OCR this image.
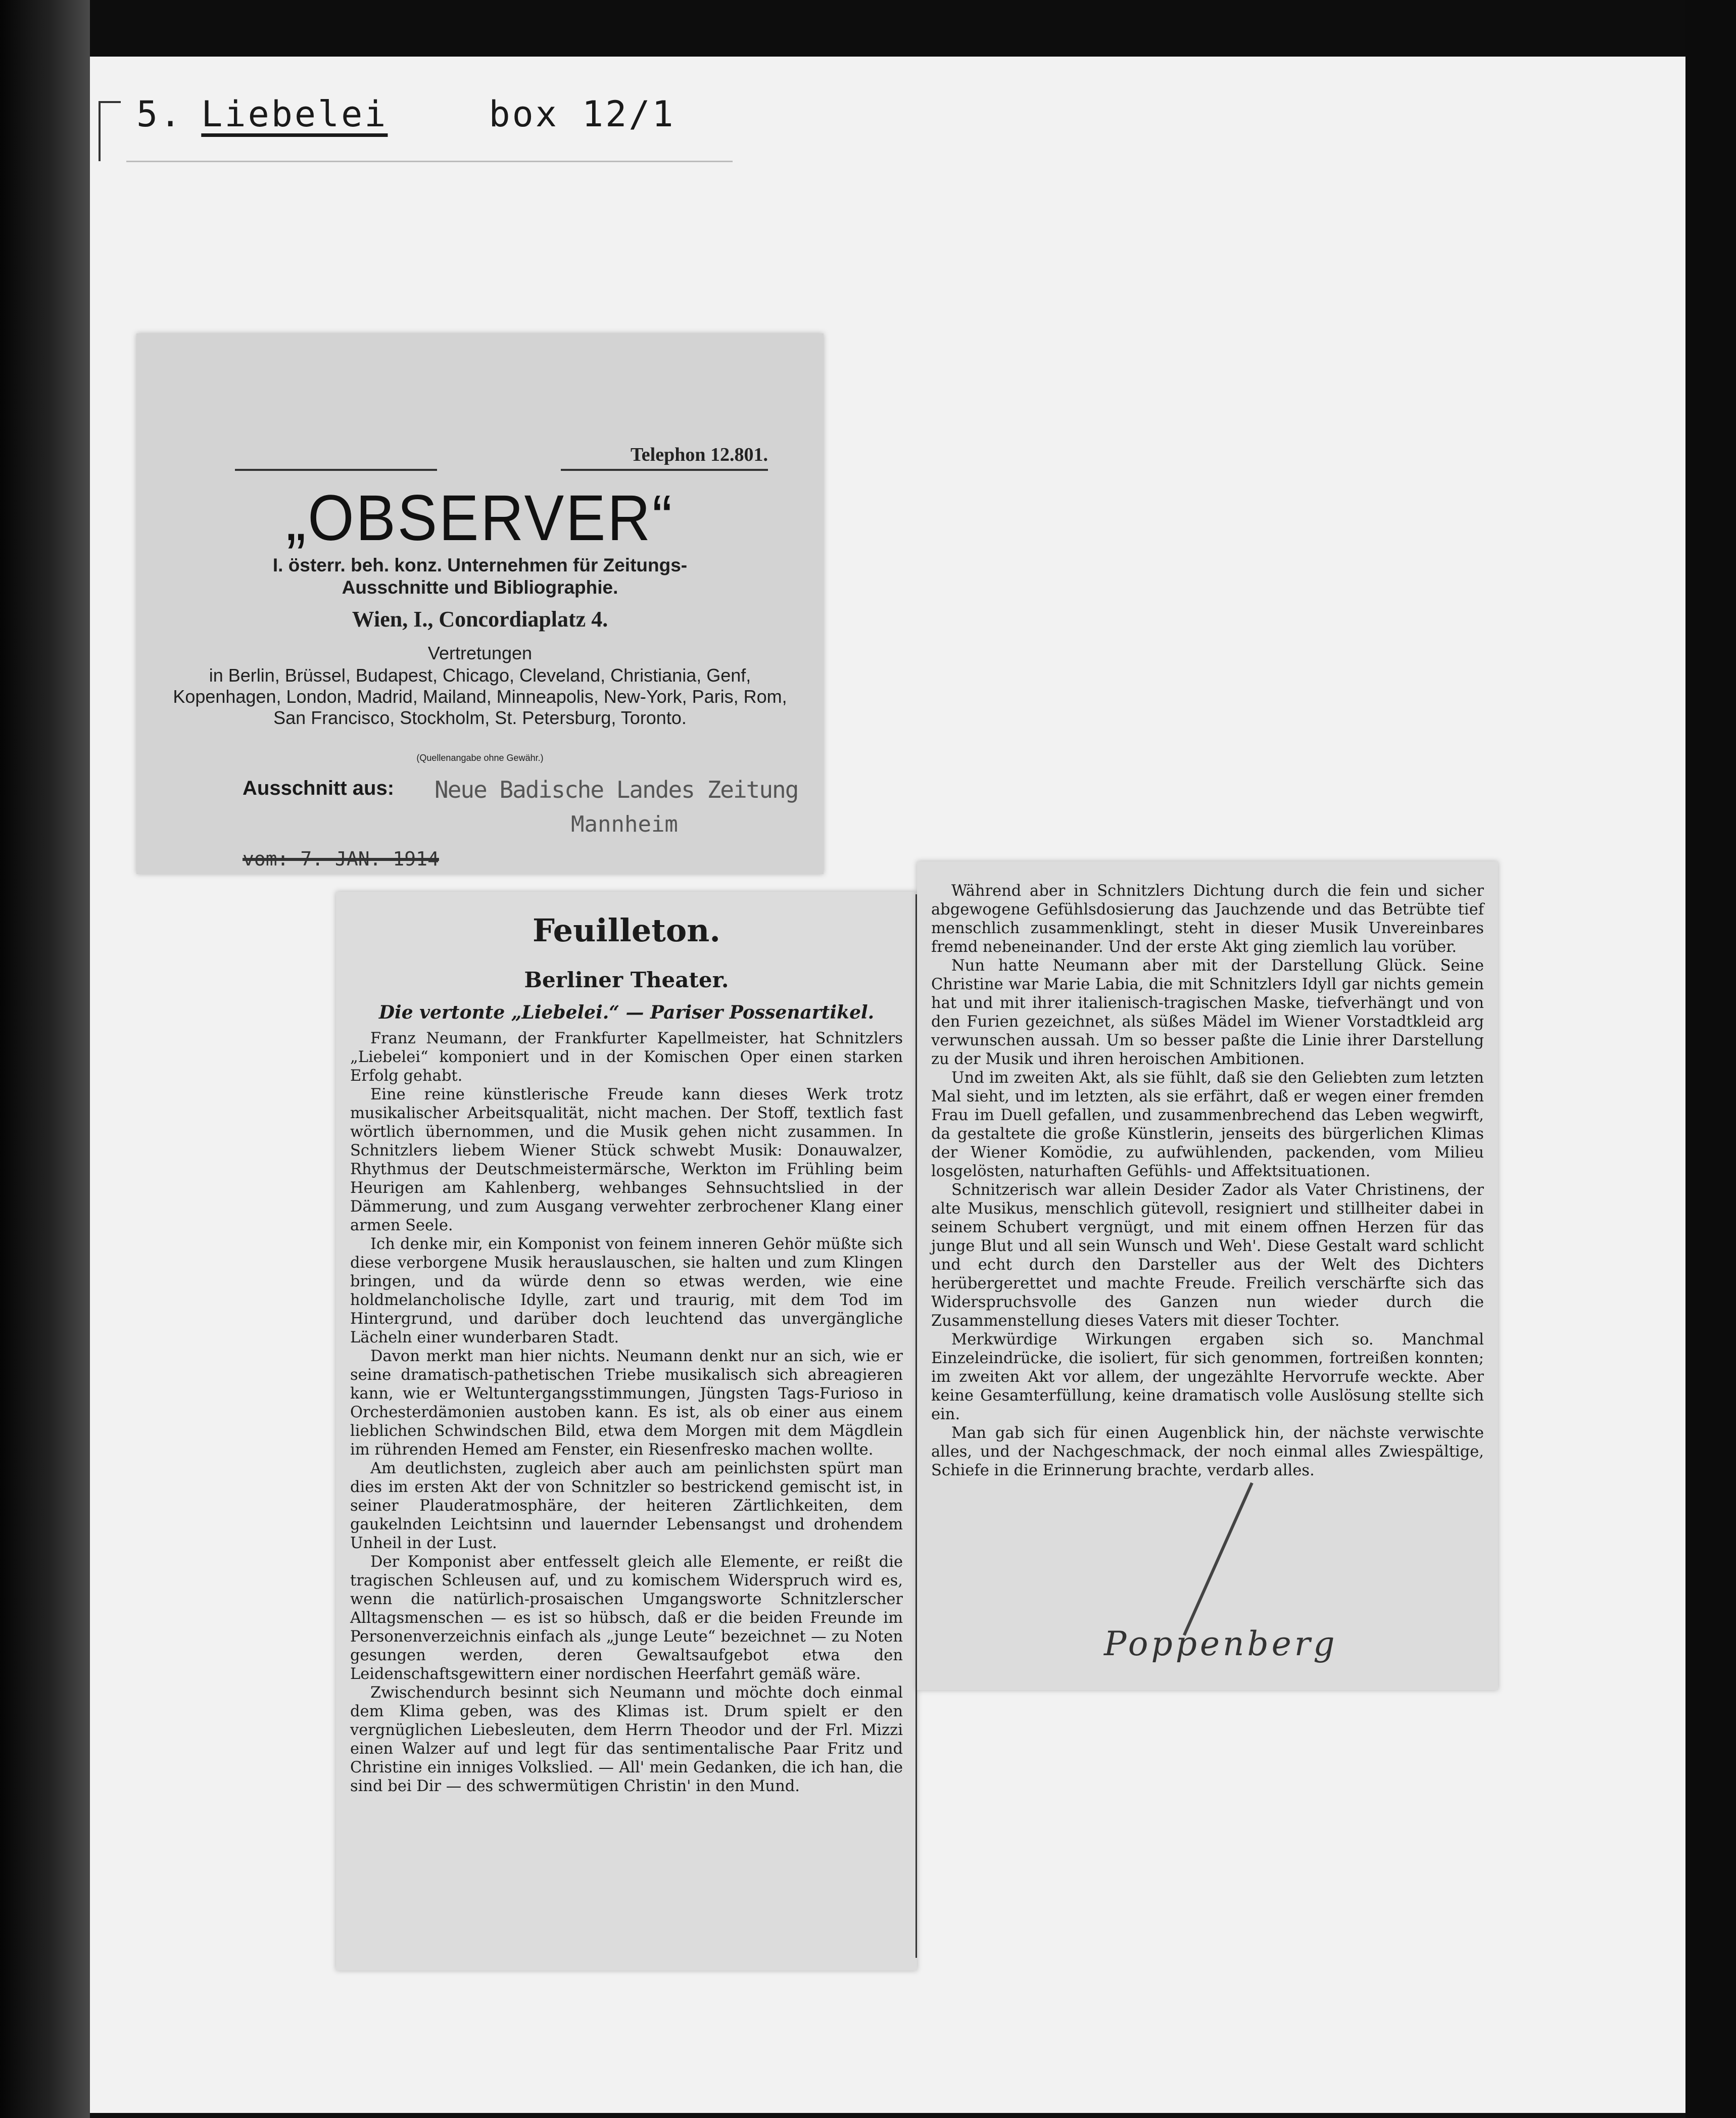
5. Liebelei	box 12/1
Telephon 12.801.
„OBSERVER“
I. österr. beh. konz. Unternehmen für Zeitungs-
Ausschnitte und Bibliographie.
Wien, I., Concordiaplatz 4.
Vertretungen
in Berlin, Brüssel, Budapest, Chicago, Cleveland, Christiania, Genf, Kopenhagen, London, Madrid, Mailand, Minneapolis, New-York, Paris, Rom, San Francisco, Stockholm, St. Petersburg, Toronto.
(Quellenangabe ohne Gewähr.)
Ausschnitt aus: Neue Badische Landes Zeitung
Mannheim
vom: 7. JAN. 1914
Feuilleton.
Berliner Theater.
Die vertonte „Liebelei.“ — Pariser Possenartikel.

Franz Neumann, der Frankfurter Kapellmeister, hat Schnitzlers „Liebelei“ komponiert und in der Komischen Oper einen starken Erfolg gehabt.

Eine reine künstlerische Freude kann dieses Werk trotz musikalischer Arbeitsqualität, nicht machen. Der Stoff, textlich fast wörtlich übernommen, und die Musik gehen nicht zusammen. In Schnitzlers liebem Wiener Stück schwebt Musik: Donauwalzer, Rhythmus der Deutschmeistermärsche, Werkton im Frühling beim Heurigen am Kahlenberg, wehbanges Sehnsuchtslied in der Dämmerung, und zum Ausgang verwehter zerbrochener Klang einer armen Seele.

Ich denke mir, ein Komponist von feinem inneren Gehör müßte sich diese verborgene Musik herauslauschen, sie halten und zum Klingen bringen, und da würde denn so etwas werden, wie eine holdmelancholische Idylle, zart und traurig, mit dem Tod im Hintergrund, und darüber doch leuchtend das unvergängliche Lächeln einer wunderbaren Stadt.

Davon merkt man hier nichts. Neumann denkt nur an sich, wie er seine dramatisch-pathetischen Triebe musikalisch sich abreagieren kann, wie er Weltuntergangsstimmungen, Jüngsten Tags-Furioso in Orchesterdämonien austoben kann. Es ist, als ob einer aus einem lieblichen Schwindschen Bild, etwa dem Morgen mit dem Mägdlein im rührenden Hemed am Fenster, ein Riesenfresko machen wollte.

Am deutlichsten, zugleich aber auch am peinlichsten spürt man dies im ersten Akt der von Schnitzler so bestrickend gemischt ist, in seiner Plauderatmosphäre, der heiteren Zärtlichkeiten, dem gaukelnden Leichtsinn und lauernder Lebensangst und drohendem Unheil in der Lust.

Der Komponist aber entfesselt gleich alle Elemente, er reißt die tragischen Schleusen auf, und zu komischem Widerspruch wird es, wenn die natürlich-prosaischen Umgangsworte Schnitzlerscher Alltagsmenschen — es ist so hübsch, daß er die beiden Freunde im Personenverzeichnis einfach als „junge Leute“ bezeichnet — zu Noten gesungen werden, deren Gewaltsaufgebot etwa den Leidenschaftsgewittern einer nordischen Heerfahrt gemäß wäre.

Zwischendurch besinnt sich Neumann und möchte doch einmal dem Klima geben, was des Klimas ist. Drum spielt er den vergnüglichen Liebesleuten, dem Herrn Theodor und der Frl. Mizzi einen Walzer auf und legt für das sentimentalische Paar Fritz und Christine ein inniges Volkslied. — All' mein Gedanken, die ich han, die sind bei Dir — des schwermütigen Christin' in den Mund.

Während aber in Schnitzlers Dichtung durch die fein und sicher abgewogene Gefühlsdosierung das Jauchzende und das Betrübte tief menschlich zusammenklingt, steht in dieser Musik Unvereinbares fremd nebeneinander. Und der erste Akt ging ziemlich lau vorüber.

Nun hatte Neumann aber mit der Darstellung Glück. Seine Christine war Marie Labia, die mit Schnitzlers Idyll gar nichts gemein hat und mit ihrer italienisch-tragischen Maske, tiefverhängt und von den Furien gezeichnet, als süßes Mädel im Wiener Vorstadtkleid arg verwunschen aussah. Um so besser paßte die Linie ihrer Darstellung zu der Musik und ihren heroischen Ambitionen.

Und im zweiten Akt, als sie fühlt, daß sie den Geliebten zum letzten Mal sieht, und im letzten, als sie erfährt, daß er wegen einer fremden Frau im Duell gefallen, und zusammenbrechend das Leben wegwirft, da gestaltete die große Künstlerin, jenseits des bürgerlichen Klimas der Wiener Komödie, zu aufwühlenden, packenden, vom Milieu losgelösten, naturhaften Gefühls- und Affektsituationen.

Schnitzerisch war allein Desider Zador als Vater Christinens, der alte Musikus, menschlich gütevoll, resigniert und stillheiter dabei in seinem Schubert vergnügt, und mit einem offnen Herzen für das junge Blut und all sein Wunsch und Weh'. Diese Gestalt ward schlicht und echt durch den Darsteller aus der Welt des Dichters herübergerettet und machte Freude. Freilich verschärfte sich das Widerspruchsvolle des Ganzen nun wieder durch die Zusammenstellung dieses Vaters mit dieser Tochter.

Merkwürdige Wirkungen ergaben sich so. Manchmal Einzeleindrücke, die isoliert, für sich genommen, fortreißen konnten; im zweiten Akt vor allem, der ungezählte Hervorrufe weckte. Aber keine Gesamterfüllung, keine dramatisch volle Auslösung stellte sich ein.

Man gab sich für einen Augenblick hin, der nächste verwischte alles, und der Nachgeschmack, der noch einmal alles Zwiespältige, Schiefe in die Erinnerung brachte, verdarb alles.

Poppenberg
